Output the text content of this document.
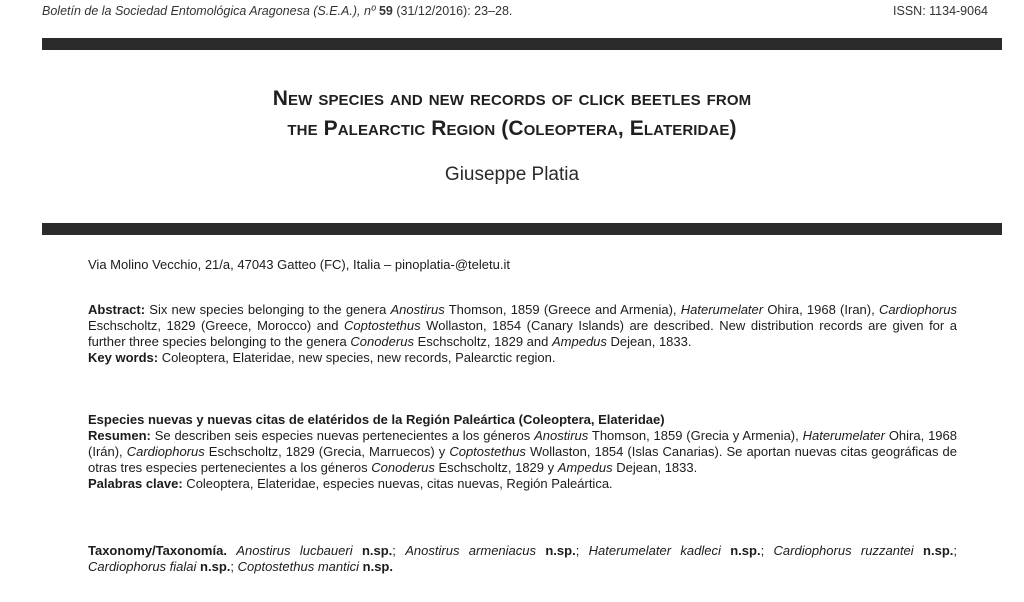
Boletín de la Sociedad Entomológica Aragonesa (S.E.A.), nº 59 (31/12/2016): 23–28.	ISSN: 1134-9064
New species and new records of click beetles from
the Palearctic Region (Coleoptera, Elateridae)
Giuseppe Platia
Via Molino Vecchio, 21/a, 47043 Gatteo (FC), Italia – pinoplatia-@teletu.it
Abstract: Six new species belonging to the genera Anostirus Thomson, 1859 (Greece and Armenia), Haterumelater Ohira, 1968 (Iran), Cardiophorus Eschscholtz, 1829 (Greece, Morocco) and Coptostethus Wollaston, 1854 (Canary Islands) are described. New distribution records are given for a further three species belonging to the genera Conoderus Eschscholtz, 1829 and Ampedus Dejean, 1833.
Key words: Coleoptera, Elateridae, new species, new records, Palearctic region.
Especies nuevas y nuevas citas de elatéridos de la Región Paleártica (Coleoptera, Elateridae)
Resumen: Se describen seis especies nuevas pertenecientes a los géneros Anostirus Thomson, 1859 (Grecia y Armenia), Haterumelater Ohira, 1968 (Irán), Cardiophorus Eschscholtz, 1829 (Grecia, Marruecos) y Coptostethus Wollaston, 1854 (Islas Canarias). Se aportan nuevas citas geográficas de otras tres especies pertenecientes a los géneros Conoderus Eschscholtz, 1829 y Ampedus Dejean, 1833.
Palabras clave: Coleoptera, Elateridae, especies nuevas, citas nuevas, Región Paleártica.
Taxonomy/Taxonomía. Anostirus lucbaueri n.sp.; Anostirus armeniacus n.sp.; Haterumelater kadleci n.sp.; Cardiophorus ruzzantei n.sp.; Cardiophorus fialai n.sp.; Coptostethus mantici n.sp.
